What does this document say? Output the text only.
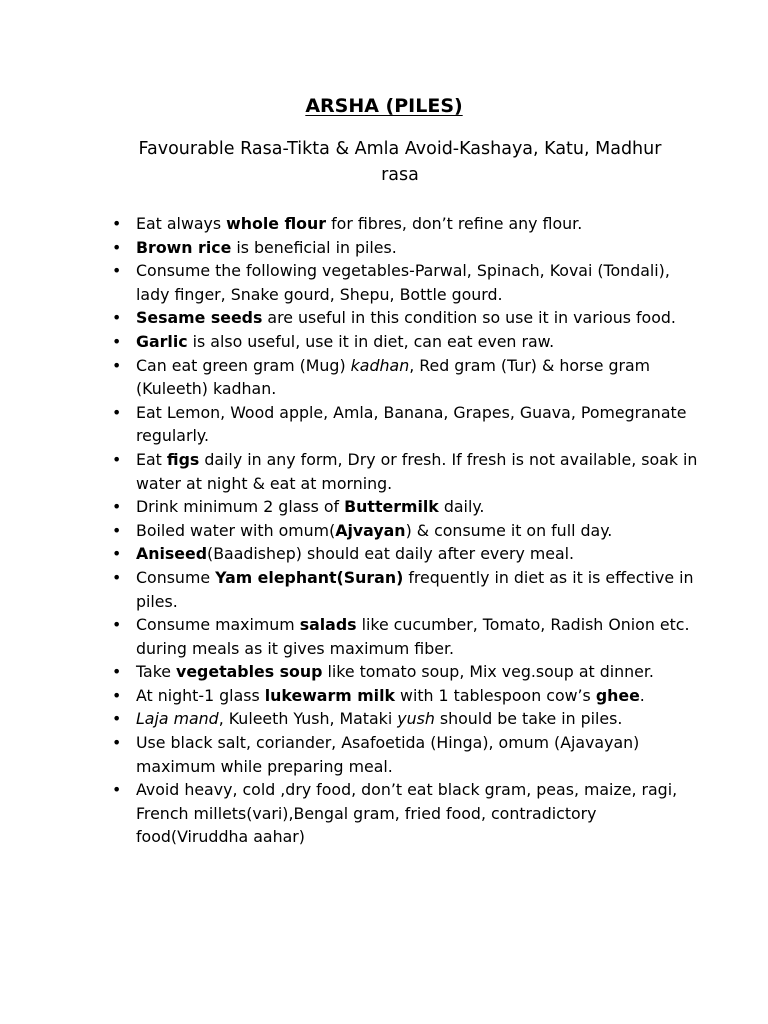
ARSHA (PILES)

Favourable Rasa-Tikta & Amla Avoid-Kashaya, Katu, Madhur rasa

• Eat always whole flour for fibres, don’t refine any flour.
• Brown rice is beneficial in piles.
• Consume the following vegetables-Parwal, Spinach, Kovai (Tondali), lady finger, Snake gourd, Shepu, Bottle gourd.
• Sesame seeds are useful in this condition so use it in various food.
• Garlic is also useful, use it in diet, can eat even raw.
• Can eat green gram (Mug) kadhan, Red gram (Tur) & horse gram (Kuleeth) kadhan.
• Eat Lemon, Wood apple, Amla, Banana, Grapes, Guava, Pomegranate regularly.
• Eat figs daily in any form, Dry or fresh. If fresh is not available, soak in water at night & eat at morning.
• Drink minimum 2 glass of Buttermilk daily.
• Boiled water with omum(Ajvayan) & consume it on full day.
• Aniseed(Baadishep) should eat daily after every meal.
• Consume Yam elephant(Suran) frequently in diet as it is effective in piles.
• Consume maximum salads like cucumber, Tomato, Radish Onion etc. during meals as it gives maximum fiber.
• Take vegetables soup like tomato soup, Mix veg.soup at dinner.
• At night-1 glass lukewarm milk with 1 tablespoon cow’s ghee.
• Laja mand, Kuleeth Yush, Mataki yush should be take in piles.
• Use black salt, coriander, Asafoetida (Hinga), omum (Ajavayan) maximum while preparing meal.
• Avoid heavy, cold ,dry food, don’t eat black gram, peas, maize, ragi, French millets(vari),Bengal gram, fried food, contradictory food(Viruddha aahar)
